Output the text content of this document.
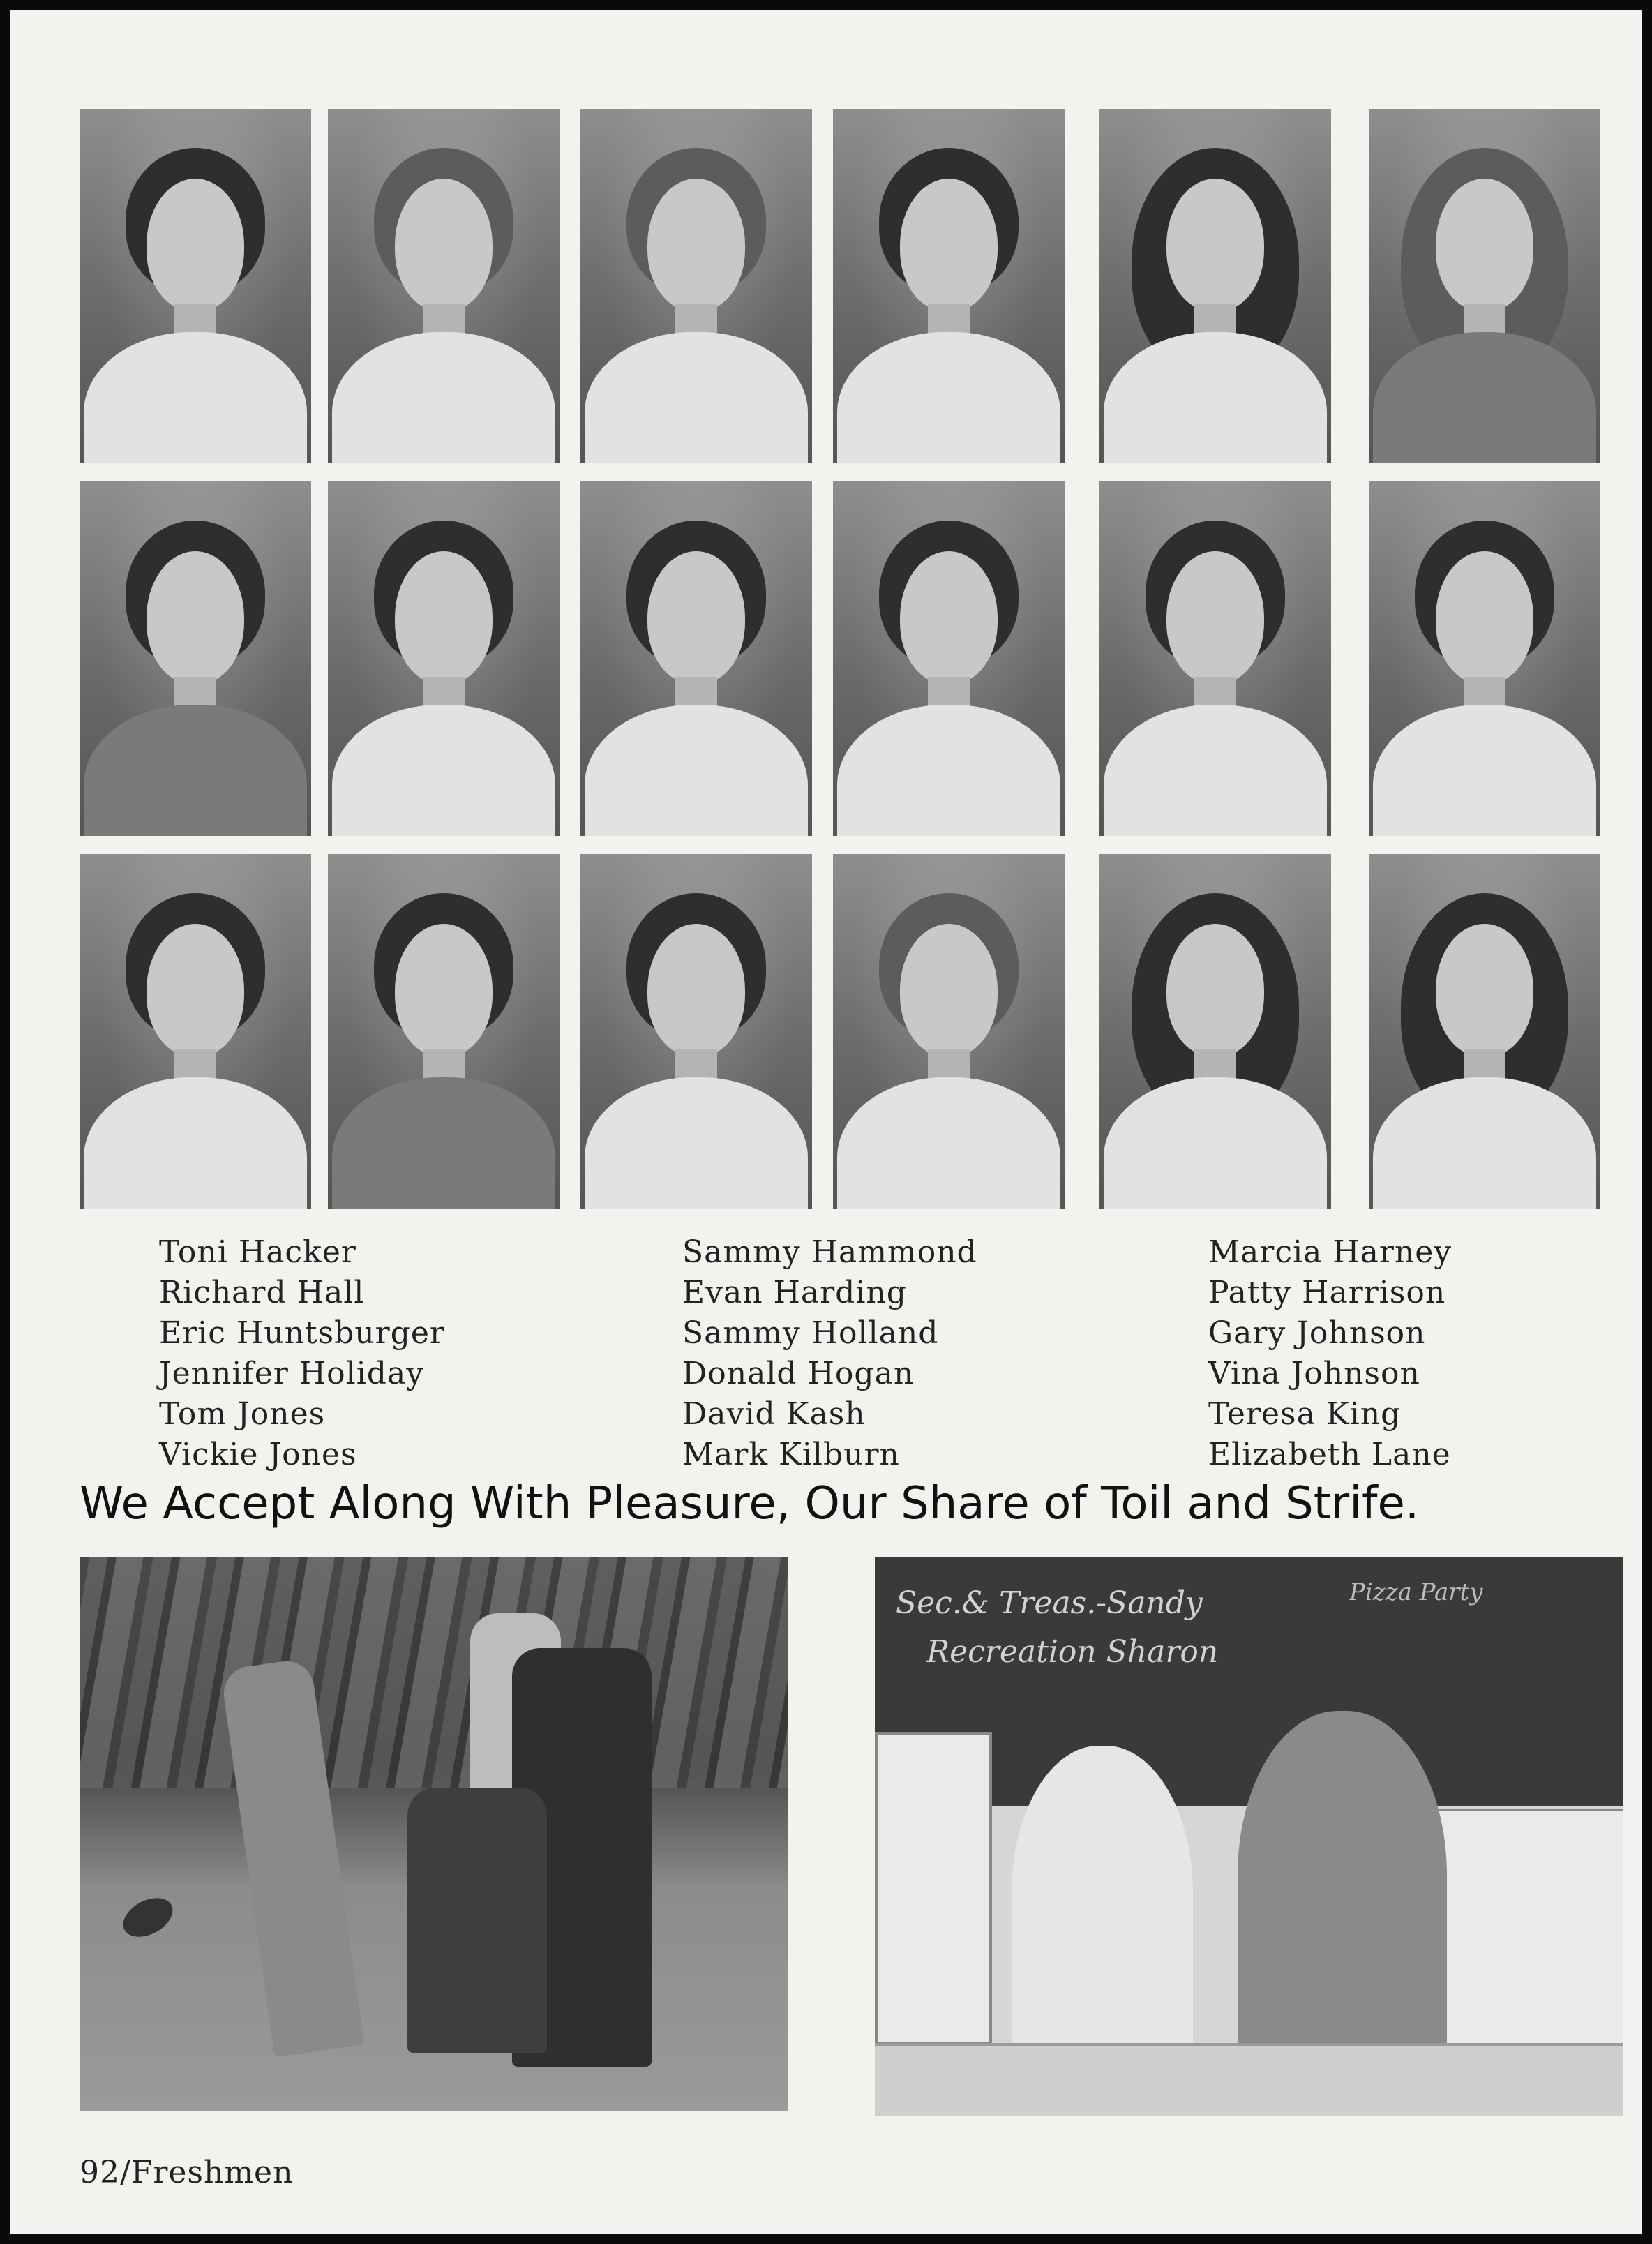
Toni Hacker
Richard Hall
Eric Huntsburger
Jennifer Holiday
Tom Jones
Vickie Jones
Sammy Hammond
Evan Harding
Sammy Holland
Donald Hogan
David Kash
Mark Kilburn
Marcia Harney
Patty Harrison
Gary Johnson
Vina Johnson
Teresa King
Elizabeth Lane
We Accept Along With Pleasure, Our Share of Toil and Strife.
Sec.& Treas.-Sandy
Recreation Sharon
Pizza Party
92/Freshmen
